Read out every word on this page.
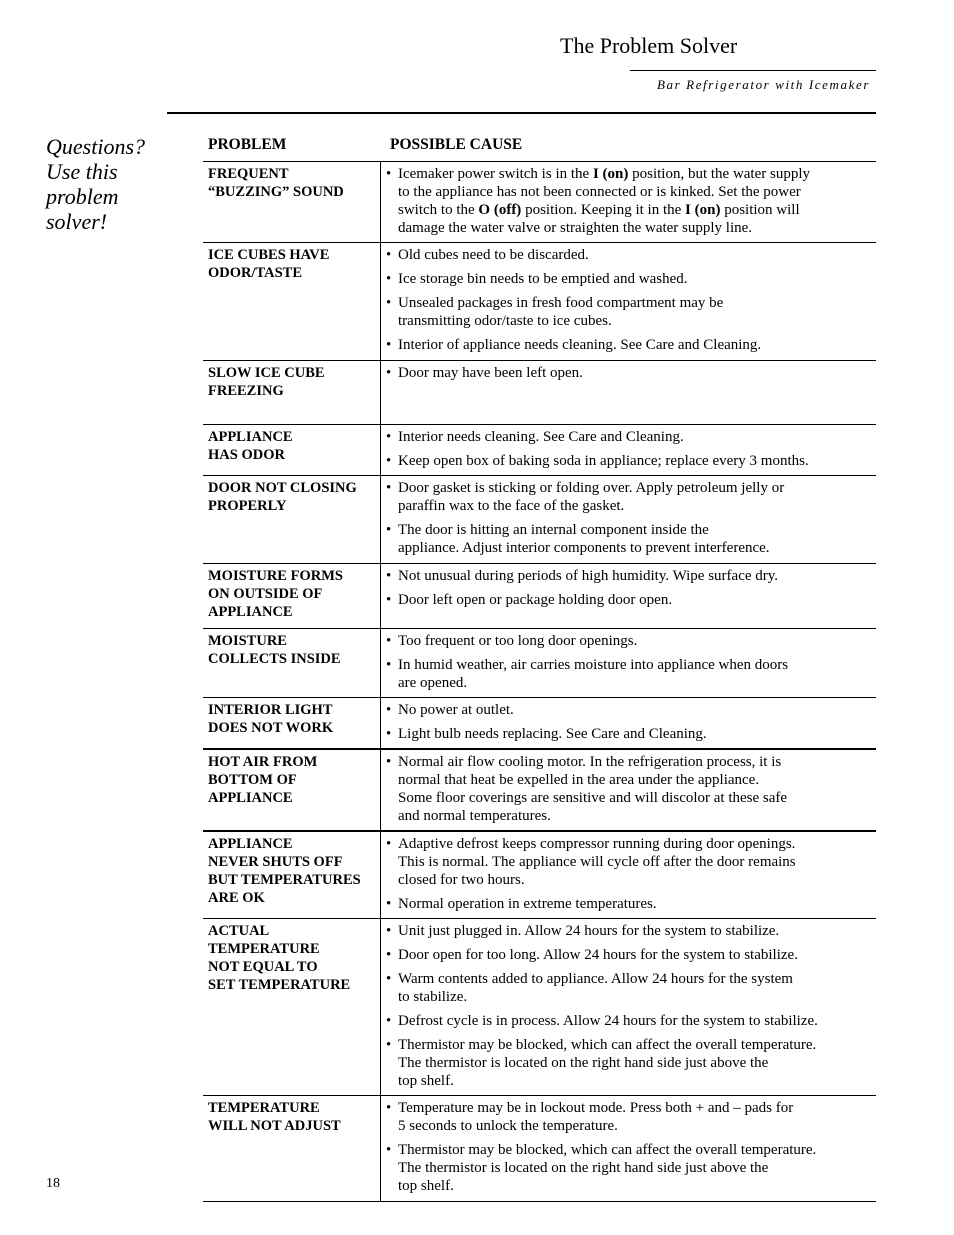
The Problem Solver
Bar Refrigerator with Icemaker
Questions?
Use this
problem
solver!
PROBLEM	POSSIBLE CAUSE
FREQUENT
“BUZZING” SOUND
• Icemaker power switch is in the I (on) position, but the water supply
to the appliance has not been connected or is kinked. Set the power
switch to the O (off) position. Keeping it in the I (on) position will
damage the water valve or straighten the water supply line.
ICE CUBES HAVE
ODOR/TASTE
• Old cubes need to be discarded.
• Ice storage bin needs to be emptied and washed.
• Unsealed packages in fresh food compartment may be
transmitting odor/taste to ice cubes.
• Interior of appliance needs cleaning. See Care and Cleaning.
SLOW ICE CUBE
FREEZING
• Door may have been left open.
APPLIANCE
HAS ODOR
• Interior needs cleaning. See Care and Cleaning.
• Keep open box of baking soda in appliance; replace every 3 months.
DOOR NOT CLOSING
PROPERLY
• Door gasket is sticking or folding over. Apply petroleum jelly or
paraffin wax to the face of the gasket.
• The door is hitting an internal component inside the
appliance. Adjust interior components to prevent interference.
MOISTURE FORMS
ON OUTSIDE OF
APPLIANCE
• Not unusual during periods of high humidity. Wipe surface dry.
• Door left open or package holding door open.
MOISTURE
COLLECTS INSIDE
• Too frequent or too long door openings.
• In humid weather, air carries moisture into appliance when doors
are opened.
INTERIOR LIGHT
DOES NOT WORK
• No power at outlet.
• Light bulb needs replacing. See Care and Cleaning.
HOT AIR FROM
BOTTOM OF
APPLIANCE
• Normal air flow cooling motor. In the refrigeration process, it is
normal that heat be expelled in the area under the appliance.
Some floor coverings are sensitive and will discolor at these safe
and normal temperatures.
APPLIANCE
NEVER SHUTS OFF
BUT TEMPERATURES
ARE OK
• Adaptive defrost keeps compressor running during door openings.
This is normal. The appliance will cycle off after the door remains
closed for two hours.
• Normal operation in extreme temperatures.
ACTUAL
TEMPERATURE
NOT EQUAL TO
SET TEMPERATURE
• Unit just plugged in. Allow 24 hours for the system to stabilize.
• Door open for too long. Allow 24 hours for the system to stabilize.
• Warm contents added to appliance. Allow 24 hours for the system
to stabilize.
• Defrost cycle is in process. Allow 24 hours for the system to stabilize.
• Thermistor may be blocked, which can affect the overall temperature.
The thermistor is located on the right hand side just above the
top shelf.
TEMPERATURE
WILL NOT ADJUST
• Temperature may be in lockout mode. Press both + and – pads for
5 seconds to unlock the temperature.
• Thermistor may be blocked, which can affect the overall temperature.
The thermistor is located on the right hand side just above the
top shelf.
18
